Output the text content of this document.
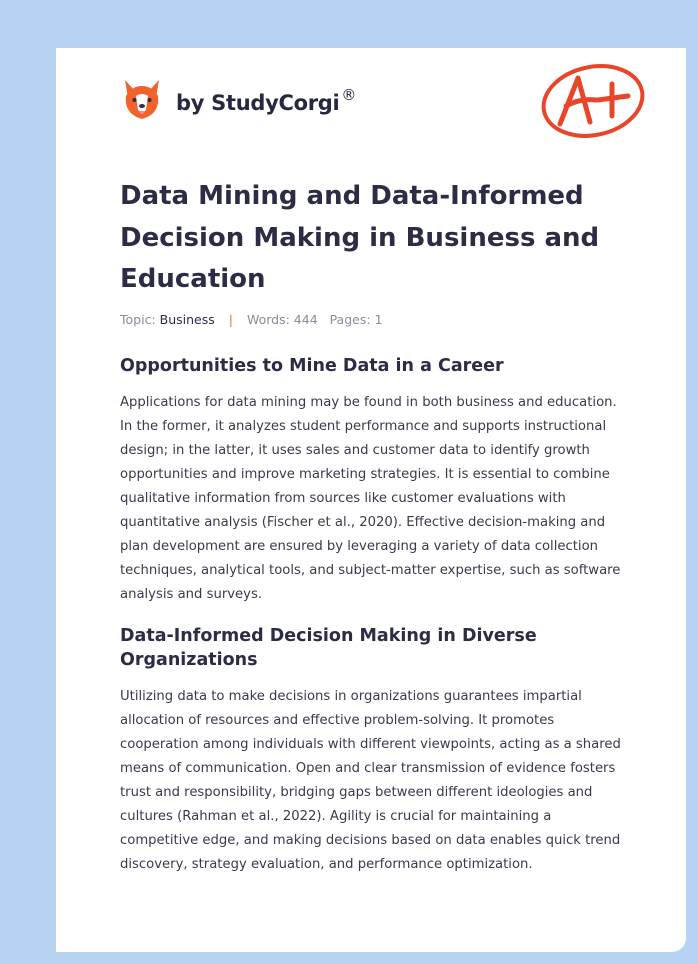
by StudyCorgi ®
Data Mining and Data-Informed Decision Making in Business and Education
Topic: Business | Words: 444 Pages: 1
Opportunities to Mine Data in a Career

Applications for data mining may be found in both business and education. In the former, it analyzes student performance and supports instructional design; in the latter, it uses sales and customer data to identify growth opportunities and improve marketing strategies. It is essential to combine qualitative information from sources like customer evaluations with quantitative analysis (Fischer et al., 2020). Effective decision-making and plan development are ensured by leveraging a variety of data collection techniques, analytical tools, and subject-matter expertise, such as software analysis and surveys.

Data-Informed Decision Making in Diverse Organizations

Utilizing data to make decisions in organizations guarantees impartial allocation of resources and effective problem-solving. It promotes cooperation among individuals with different viewpoints, acting as a shared means of communication. Open and clear transmission of evidence fosters trust and responsibility, bridging gaps between different ideologies and cultures (Rahman et al., 2022). Agility is crucial for maintaining a competitive edge, and making decisions based on data enables quick trend discovery, strategy evaluation, and performance optimization.
